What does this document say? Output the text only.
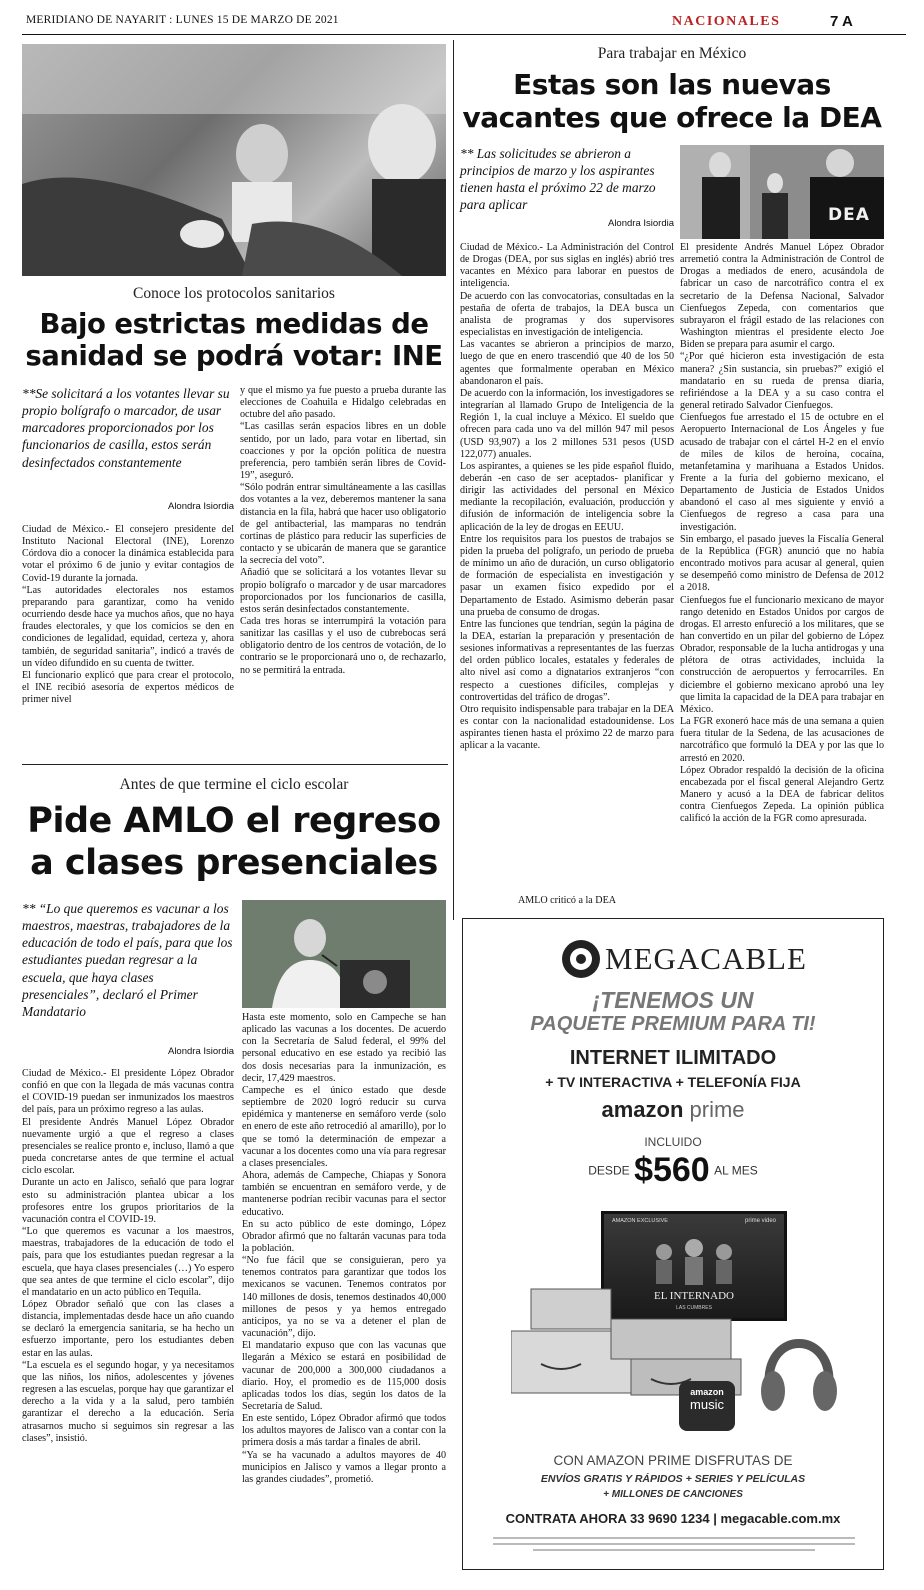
MERIDIANO DE NAYARIT : LUNES 15 DE MARZO DE 2021	NACIONALES	7 A
Conoce los protocolos sanitarios
Bajo estrictas medidas de sanidad se podrá votar: INE
**Se solicitará a los votantes llevar su propio bolígrafo o marcador, de usar marcadores proporcionados por los funcionarios de casilla, estos serán desinfectados constantemente
Alondra Isiordia

Ciudad de México.- El consejero presidente del Instituto Nacional Electoral (INE), Lorenzo Córdova dio a conocer la dinámica establecida para votar el próximo 6 de junio y evitar contagios de Covid-19 durante la jornada.

“Las autoridades electorales nos estamos preparando para garantizar, como ha venido ocurriendo desde hace ya muchos años, que no haya fraudes electorales, y que los comicios se den en condiciones de legalidad, equidad, certeza y, ahora también, de seguridad sanitaria”, indicó a través de un vídeo difundido en su cuenta de twitter.

El funcionario explicó que para crear el protocolo, el INE recibió asesoría de expertos médicos de primer nivel

y que el mismo ya fue puesto a prueba durante las elecciones de Coahuila e Hidalgo celebradas en octubre del año pasado.

“Las casillas serán espacios libres en un doble sentido, por un lado, para votar en libertad, sin coacciones y por la opción política de nuestra preferencia, pero también serán libres de Covid-19”, aseguró.

“Sólo podrán entrar simultáneamente a las casillas dos votantes a la vez, deberemos mantener la sana distancia en la fila, habrá que hacer uso obligatorio de gel antibacterial, las mamparas no tendrán cortinas de plástico para reducir las superficies de contacto y se ubicarán de manera que se garantice la secrecía del voto”.

Añadió que se solicitará a los votantes llevar su propio bolígrafo o marcador y de usar marcadores proporcionados por los funcionarios de casilla, estos serán desinfectados constantemente.

Cada tres horas se interrumpirá la votación para sanitizar las casillas y el uso de cubrebocas será obligatorio dentro de los centros de votación, de lo contrario se le proporcionará uno o, de rechazarlo, no se permitirá la entrada.

Antes de que termine el ciclo escolar
Pide AMLO el regreso a clases presenciales
** “Lo que queremos es vacunar a los maestros, maestras, trabajadores de la educación de todo el país, para que los estudiantes puedan regresar a la escuela, que haya clases presenciales”, declaró el Primer Mandatario
Alondra Isiordia

Ciudad de México.- El presidente López Obrador confió en que con la llegada de más vacunas contra el COVID-19 puedan ser inmunizados los maestros del país, para un próximo regreso a las aulas.

El presidente Andrés Manuel López Obrador nuevamente urgió a que el regreso a clases presenciales se realice pronto e, incluso, llamó a que pueda concretarse antes de que termine el actual ciclo escolar.

Durante un acto en Jalisco, señaló que para lograr esto su administración plantea ubicar a los profesores entre los grupos prioritarios de la vacunación contra el COVID-19.

“Lo que queremos es vacunar a los maestros, maestras, trabajadores de la educación de todo el país, para que los estudiantes puedan regresar a la escuela, que haya clases presenciales (…) Yo espero que sea antes de que termine el ciclo escolar”, dijo el mandatario en un acto público en Tequila.

López Obrador señaló que con las clases a distancia, implementadas desde hace un año cuando se declaró la emergencia sanitaria, se ha hecho un esfuerzo importante, pero los estudiantes deben estar en las aulas.

“La escuela es el segundo hogar, y ya necesitamos que las niños, los niños, adolescentes y jóvenes regresen a las escuelas, porque hay que garantizar el derecho a la vida y a la salud, pero también garantizar el derecho a la educación. Sería atrasarnos mucho si seguimos sin regresar a las clases”, insistió.

Hasta este momento, solo en Campeche se han aplicado las vacunas a los docentes. De acuerdo con la Secretaría de Salud federal, el 99% del personal educativo en ese estado ya recibió las dos dosis necesarias para la inmunización, es decir, 17,429 maestros.

Campeche es el único estado que desde septiembre de 2020 logró reducir su curva epidémica y mantenerse en semáforo verde (solo en enero de este año retrocedió al amarillo), por lo que se tomó la determinación de empezar a vacunar a los docentes como una vía para regresar a clases presenciales.

Ahora, además de Campeche, Chiapas y Sonora también se encuentran en semáforo verde, y de mantenerse podrían recibir vacunas para el sector educativo.

En su acto público de este domingo, López Obrador afirmó que no faltarán vacunas para toda la población.

“No fue fácil que se consiguieran, pero ya tenemos contratos para garantizar que todos los mexicanos se vacunen. Tenemos contratos por 140 millones de dosis, tenemos destinados 40,000 millones de pesos y ya hemos entregado anticipos, ya no se va a detener el plan de vacunación”, dijo.

El mandatario expuso que con las vacunas que llegarán a México se estará en posibilidad de vacunar de 200,000 a 300,000 ciudadanos a diario. Hoy, el promedio es de 115,000 dosis aplicadas todos los días, según los datos de la Secretaría de Salud.

En este sentido, López Obrador afirmó que todos los adultos mayores de Jalisco van a contar con la primera dosis a más tardar a finales de abril.

“Ya se ha vacunado a adultos mayores de 40 municipios en Jalisco y vamos a llegar pronto a las grandes ciudades”, prometió.

Para trabajar en México
Estas son las nuevas vacantes que ofrece la DEA
** Las solicitudes se abrieron a principios de marzo y los aspirantes tienen hasta el próximo 22 de marzo para aplicar
Alondra Isiordia	DEA

Ciudad de México.- La Administración del Control de Drogas (DEA, por sus siglas en inglés) abrió tres vacantes en México para laborar en puestos de inteligencia.

De acuerdo con las convocatorias, consultadas en la pestaña de oferta de trabajos, la DEA busca un analista de programas y dos supervisores especialistas en investigación de inteligencia.

Las vacantes se abrieron a principios de marzo, luego de que en enero trascendió que 40 de los 50 agentes que formalmente operaban en México abandonaron el país.

De acuerdo con la información, los investigadores se integrarían al llamado Grupo de Inteligencia de la Región 1, la cual incluye a México. El sueldo que ofrecen para cada uno va del millón 947 mil pesos (USD 93,907) a los 2 millones 531 pesos (USD 122,077) anuales.

Los aspirantes, a quienes se les pide español fluido, deberán -en caso de ser aceptados- planificar y dirigir las actividades del personal en México mediante la recopilación, evaluación, producción y difusión de información de inteligencia sobre la aplicación de la ley de drogas en EEUU.

Entre los requisitos para los puestos de trabajos se piden la prueba del polígrafo, un periodo de prueba de mínimo un año de duración, un curso obligatorio de formación de especialista en investigación y pasar un examen físico expedido por el Departamento de Estado. Asimismo deberán pasar una prueba de consumo de drogas.

Entre las funciones que tendrían, según la página de la DEA, estarían la preparación y presentación de sesiones informativas a representantes de las fuerzas del orden público locales, estatales y federales de alto nivel así como a dignatarios extranjeros “con respecto a cuestiones difíciles, complejas y controvertidas del tráfico de drogas”.

Otro requisito indispensable para trabajar en la DEA es contar con la nacionalidad estadounidense. Los aspirantes tienen hasta el próximo 22 de marzo para aplicar a la vacante.

AMLO criticó a la DEA

El presidente Andrés Manuel López Obrador arremetió contra la Administración de Control de Drogas a mediados de enero, acusándola de fabricar un caso de narcotráfico contra el ex secretario de la Defensa Nacional, Salvador Cienfuegos Zepeda, con comentarios que subrayaron el frágil estado de las relaciones con Washington mientras el presidente electo Joe Biden se prepara para asumir el cargo.

“¿Por qué hicieron esta investigación de esta manera? ¿Sin sustancia, sin pruebas?” exigió el mandatario en su rueda de prensa diaria, refiriéndose a la DEA y a su caso contra el general retirado Salvador Cienfuegos.

Cienfuegos fue arrestado el 15 de octubre en el Aeropuerto Internacional de Los Ángeles y fue acusado de trabajar con el cártel H-2 en el envío de miles de kilos de heroína, cocaína, metanfetamina y marihuana a Estados Unidos. Frente a la furia del gobierno mexicano, el Departamento de Justicia de Estados Unidos abandonó el caso al mes siguiente y envió a Cienfuegos de regreso a casa para una investigación.

Sin embargo, el pasado jueves la Fiscalía General de la República (FGR) anunció que no había encontrado motivos para acusar al general, quien se desempeñó como ministro de Defensa de 2012 a 2018.

Cienfuegos fue el funcionario mexicano de mayor rango detenido en Estados Unidos por cargos de drogas. El arresto enfureció a los militares, que se han convertido en un pilar del gobierno de López Obrador, responsable de la lucha antidrogas y una plétora de otras actividades, incluida la construcción de aeropuertos y ferrocarriles. En diciembre el gobierno mexicano aprobó una ley que limita la capacidad de la DEA para trabajar en México.

La FGR exoneró hace más de una semana a quien fuera titular de la Sedena, de las acusaciones de narcotráfico que formuló la DEA y por las que lo arrestó en 2020.

López Obrador respaldó la decisión de la oficina encabezada por el fiscal general Alejandro Gertz Manero y acusó a la DEA de fabricar delitos contra Cienfuegos Zepeda. La opinión pública calificó la acción de la FGR como apresurada.

MEGACABLE
¡TENEMOS UN
PAQUETE PREMIUM PARA TI!
INTERNET ILIMITADO
+ TV INTERACTIVA + TELEFONÍA FIJA
amazon prime
INCLUIDO
DESDE $560 AL MES
AMAZON EXCLUSIVE	prime video
EL INTERNADO
LAS CUMBRES
amazon
music
CON AMAZON PRIME DISFRUTAS DE
ENVÍOS GRATIS Y RÁPIDOS + SERIES Y PELÍCULAS
+ MILLONES DE CANCIONES
CONTRATA AHORA 33 9690 1234 | megacable.com.mx
